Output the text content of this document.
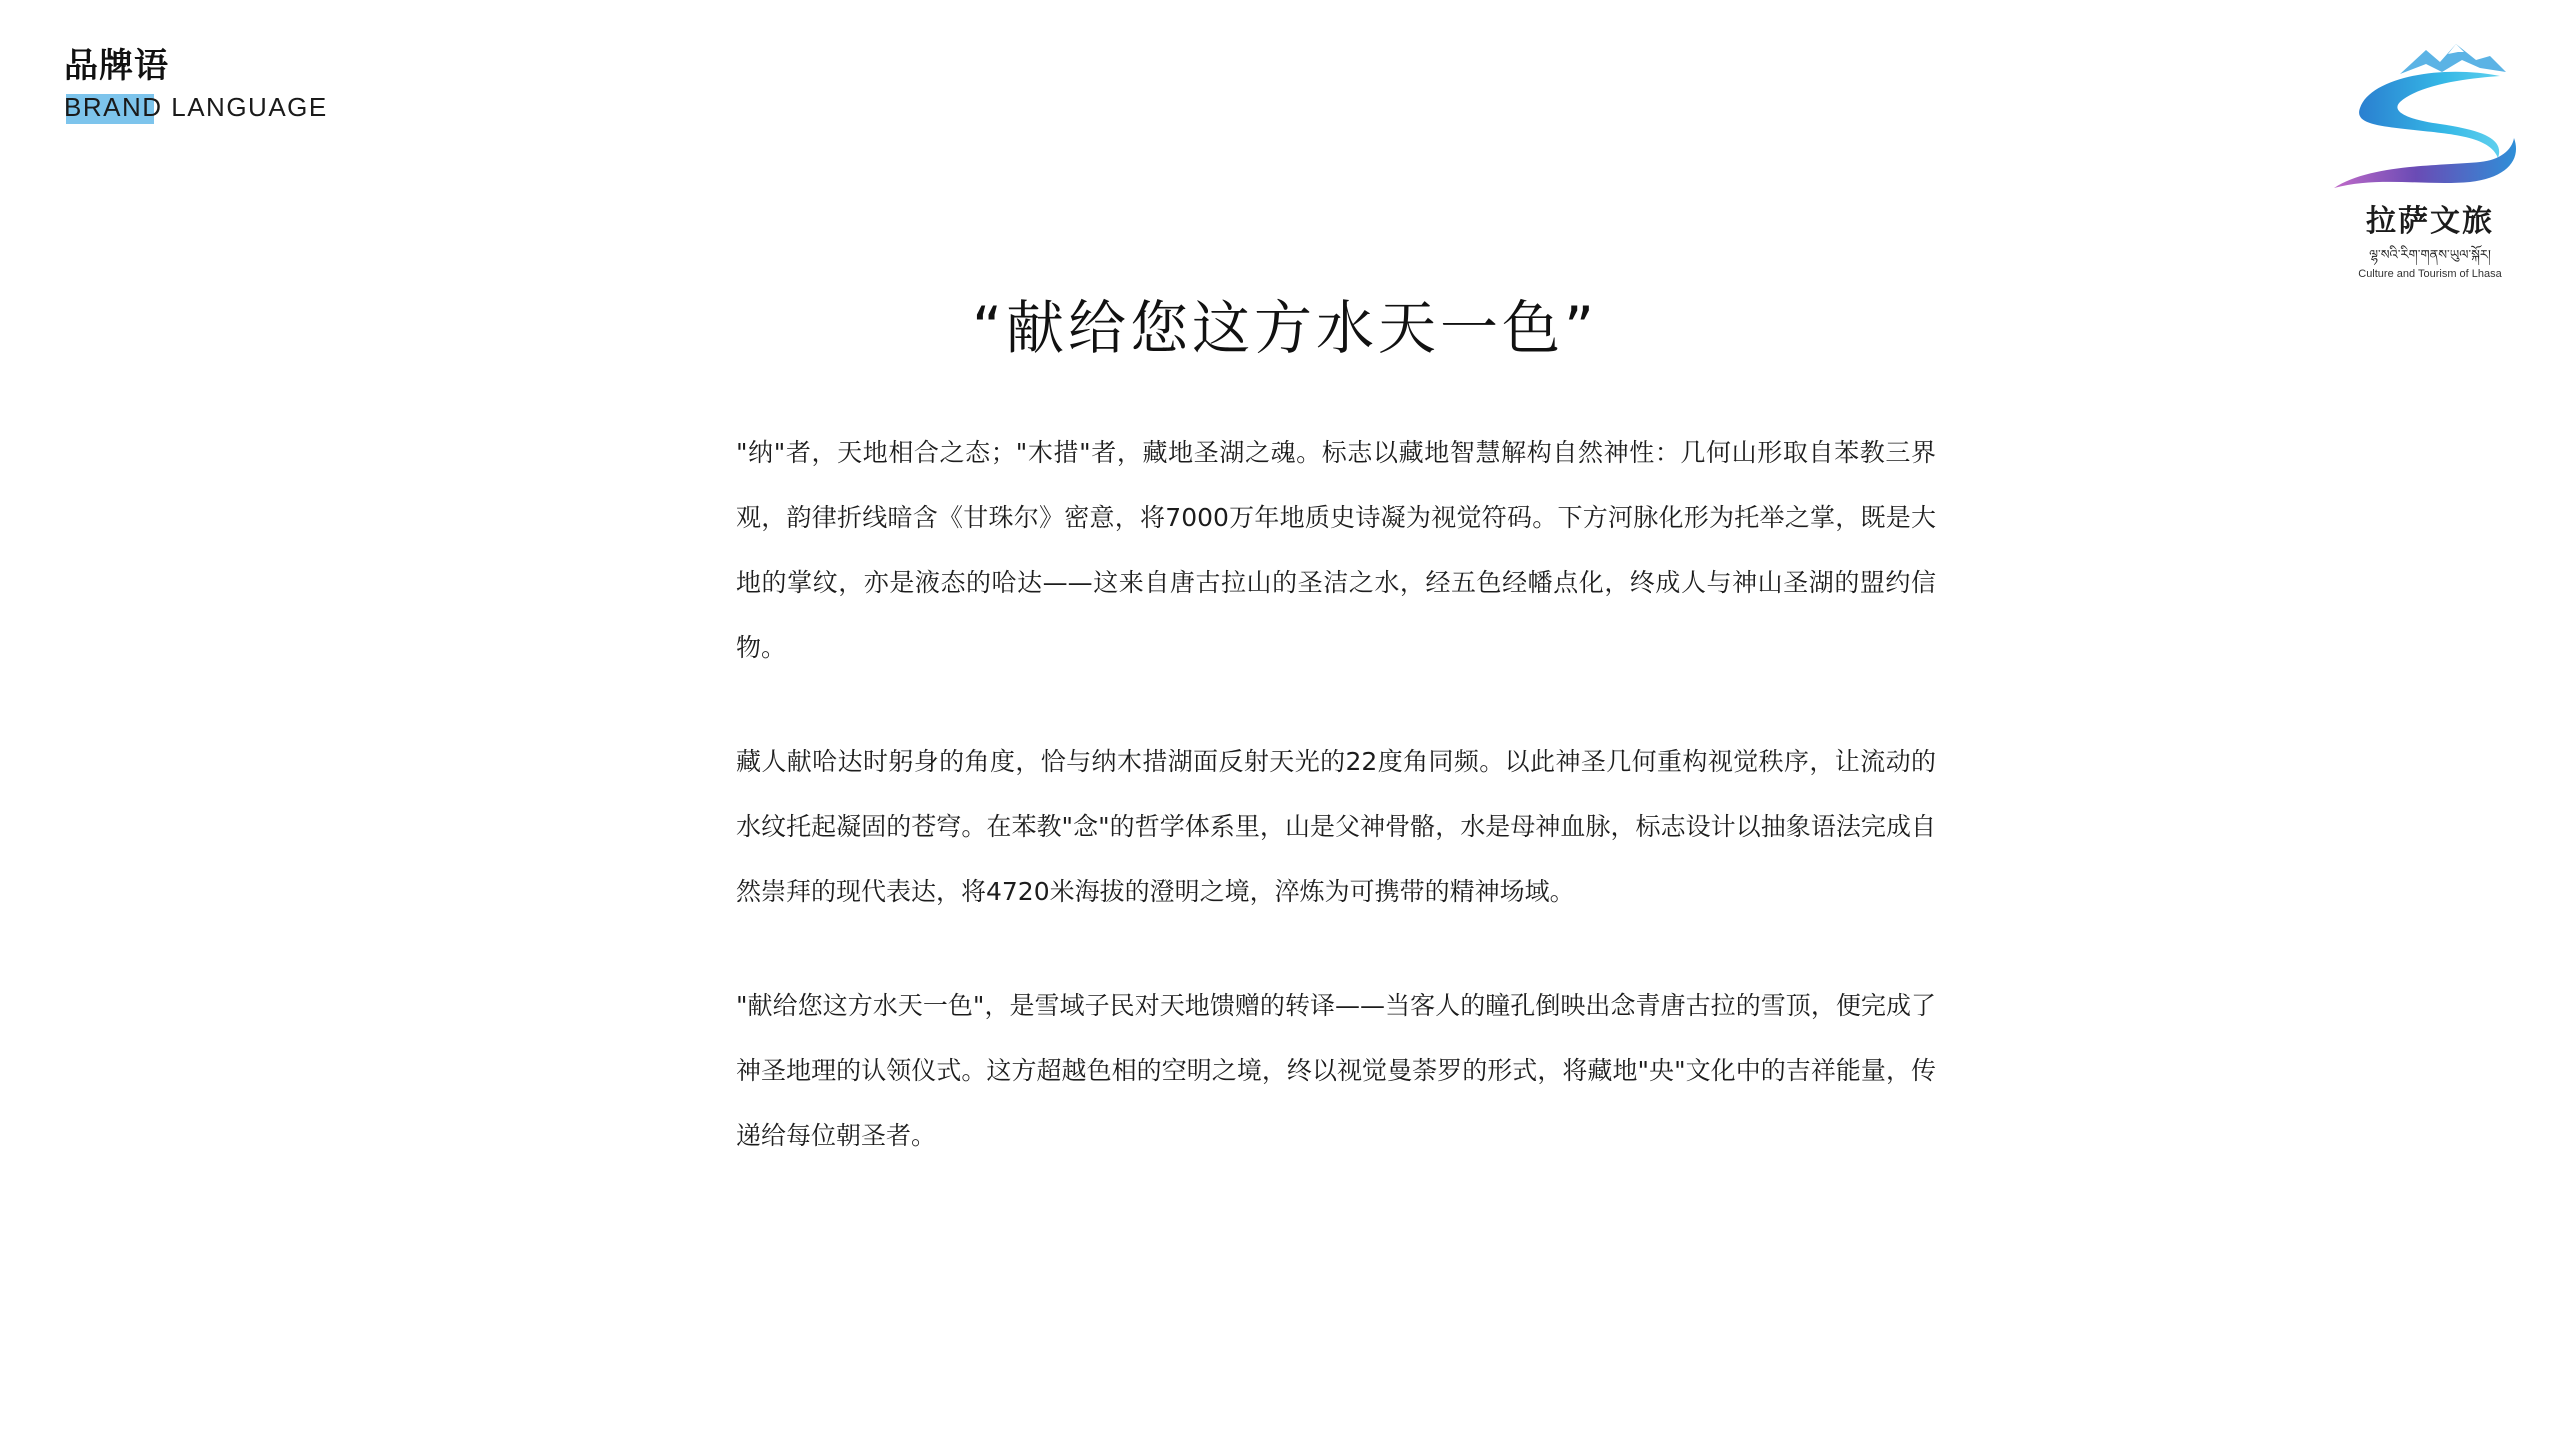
品牌语
BRAND LANGUAGE
拉萨文旅
ལྷ་སའི་རིག་གནས་ཡུལ་སྐོར།
Culture and Tourism of Lhasa
“献给您这方水天一色”

"纳"者，天地相合之态；"木措"者，藏地圣湖之魂。标志以藏地智慧解构自然神性：几何山形取自苯教三界观，韵律折线暗含《甘珠尔》密意，将7000万年地质史诗凝为视觉符码。下方河脉化形为托举之掌，既是大地的掌纹，亦是液态的哈达——这来自唐古拉山的圣洁之水，经五色经幡点化，终成人与神山圣湖的盟约信物。

藏人献哈达时躬身的角度，恰与纳木措湖面反射天光的22度角同频。以此神圣几何重构视觉秩序，让流动的水纹托起凝固的苍穹。在苯教"念"的哲学体系里，山是父神骨骼，水是母神血脉，标志设计以抽象语法完成自然崇拜的现代表达，将4720米海拔的澄明之境，淬炼为可携带的精神场域。

"献给您这方水天一色"，是雪域子民对天地馈赠的转译——当客人的瞳孔倒映出念青唐古拉的雪顶，便完成了神圣地理的认领仪式。这方超越色相的空明之境，终以视觉曼荼罗的形式，将藏地"央"文化中的吉祥能量，传递给每位朝圣者。
